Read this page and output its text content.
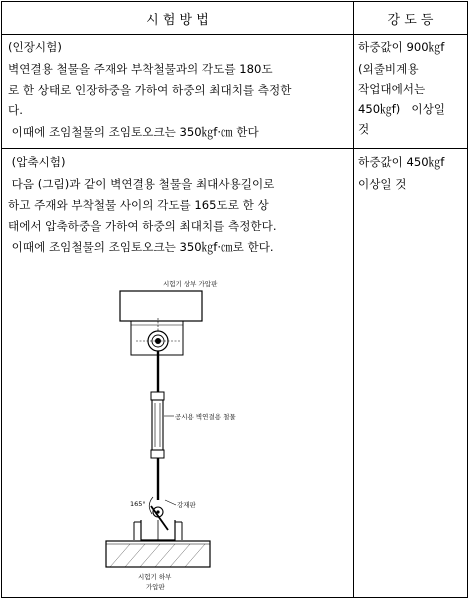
시 험 방 법	강 도 등
(인장시험)
벽연결용 철물을 주재와 부착철물과의 각도를 180도
로 한 상태로 인장하중을 가하여 하중의 최대치를 측정한
다.
이때에 조임철물의 조임토오크는 350㎏f·㎝ 한다
하중값이 900㎏f
(외줄비계용
작업대에서는
450㎏f)   이상일
것
(압축시험)
다음 (그림)과 같이 벽연결용 철물을 최대사용길이로
하고 주재와 부착철물 사이의 각도를 165도로 한 상
태에서 압축하중을 가하여 하중의 최대치를 측정한다.
이때에 조임철물의 조임토오크는 350㎏f·㎝로 한다.
하중값이 450㎏f
이상일 것
시험기 상부 가압판
공시용 벽연결용 철물
165°	강재판
시험기 하부
가압판
